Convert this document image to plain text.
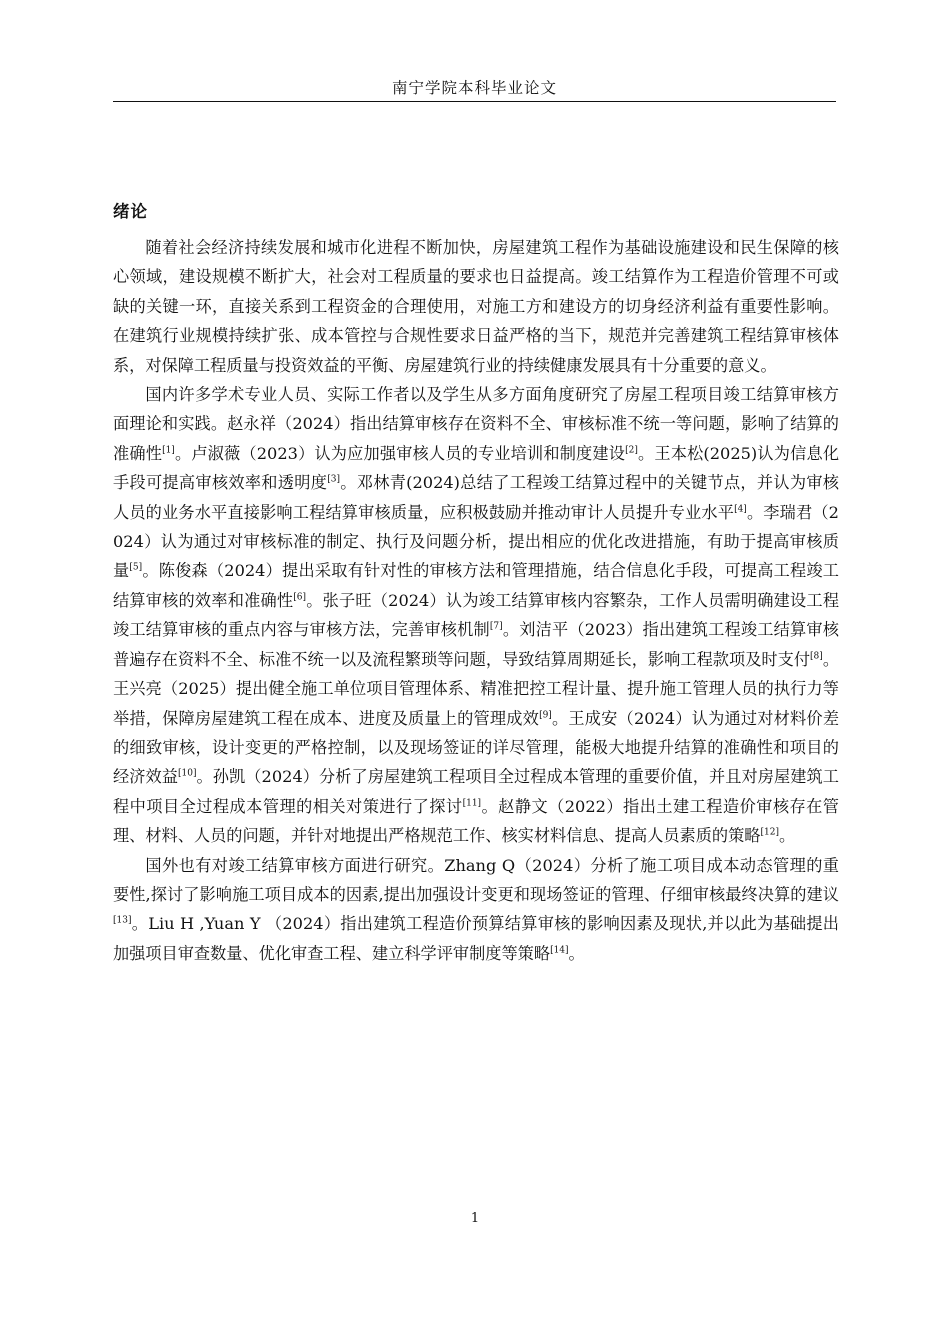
南宁学院本科毕业论文
绪论

随着社会经济持续发展和城市化进程不断加快，房屋建筑工程作为基础设施建设和民生保障的核心领域，建设规模不断扩大，社会对工程质量的要求也日益提高。竣工结算作为工程造价管理不可或缺的关键一环，直接关系到工程资金的合理使用，对施工方和建设方的切身经济利益有重要性影响。在建筑行业规模持续扩张、成本管控与合规性要求日益严格的当下，规范并完善建筑工程结算审核体系，对保障工程质量与投资效益的平衡、房屋建筑行业的持续健康发展具有十分重要的意义。

国内许多学术专业人员、实际工作者以及学生从多方面角度研究了房屋工程项目竣工结算审核方面理论和实践。赵永祥（2024）指出结算审核存在资料不全、审核标准不统一等问题，影响了结算的准确性[1]。卢淑薇（2023）认为应加强审核人员的专业培训和制度建设[2]。王本松(2025)认为信息化手段可提高审核效率和透明度[3]。邓林青(2024)总结了工程竣工结算过程中的关键节点，并认为审核人员的业务水平直接影响工程结算审核质量，应积极鼓励并推动审计人员提升专业水平[4]。李瑞君（2024）认为通过对审核标准的制定、执行及问题分析，提出相应的优化改进措施，有助于提高审核质量[5]。陈俊森（2024）提出采取有针对性的审核方法和管理措施，结合信息化手段，可提高工程竣工结算审核的效率和准确性[6]。张子旺（2024）认为竣工结算审核内容繁杂，工作人员需明确建设工程竣工结算审核的重点内容与审核方法，完善审核机制[7]。刘洁平（2023）指出建筑工程竣工结算审核普遍存在资料不全、标准不统一以及流程繁琐等问题，导致结算周期延长，影响工程款项及时支付[8]。王兴亮（2025）提出健全施工单位项目管理体系、精准把控工程计量、提升施工管理人员的执行力等举措，保障房屋建筑工程在成本、进度及质量上的管理成效[9]。王成安（2024）认为通过对材料价差的细致审核，设计变更的严格控制，以及现场签证的详尽管理，能极大地提升结算的准确性和项目的经济效益[10]。孙凯（2024）分析了房屋建筑工程项目全过程成本管理的重要价值，并且对房屋建筑工程中项目全过程成本管理的相关对策进行了探讨[11]。赵静文（2022）指出土建工程造价审核存在管理、材料、人员的问题，并针对地提出严格规范工作、核实材料信息、提高人员素质的策略[12]。

国外也有对竣工结算审核方面进行研究。Zhang Q（2024）分析了施工项目成本动态管理的重要性,探讨了影响施工项目成本的因素,提出加强设计变更和现场签证的管理、仔细审核最终决算的建议[13]。Liu H ,Yuan Y （2024）指出建筑工程造价预算结算审核的影响因素及现状,并以此为基础提出加强项目审查数量、优化审查工程、建立科学评审制度等策略[14]。

1
